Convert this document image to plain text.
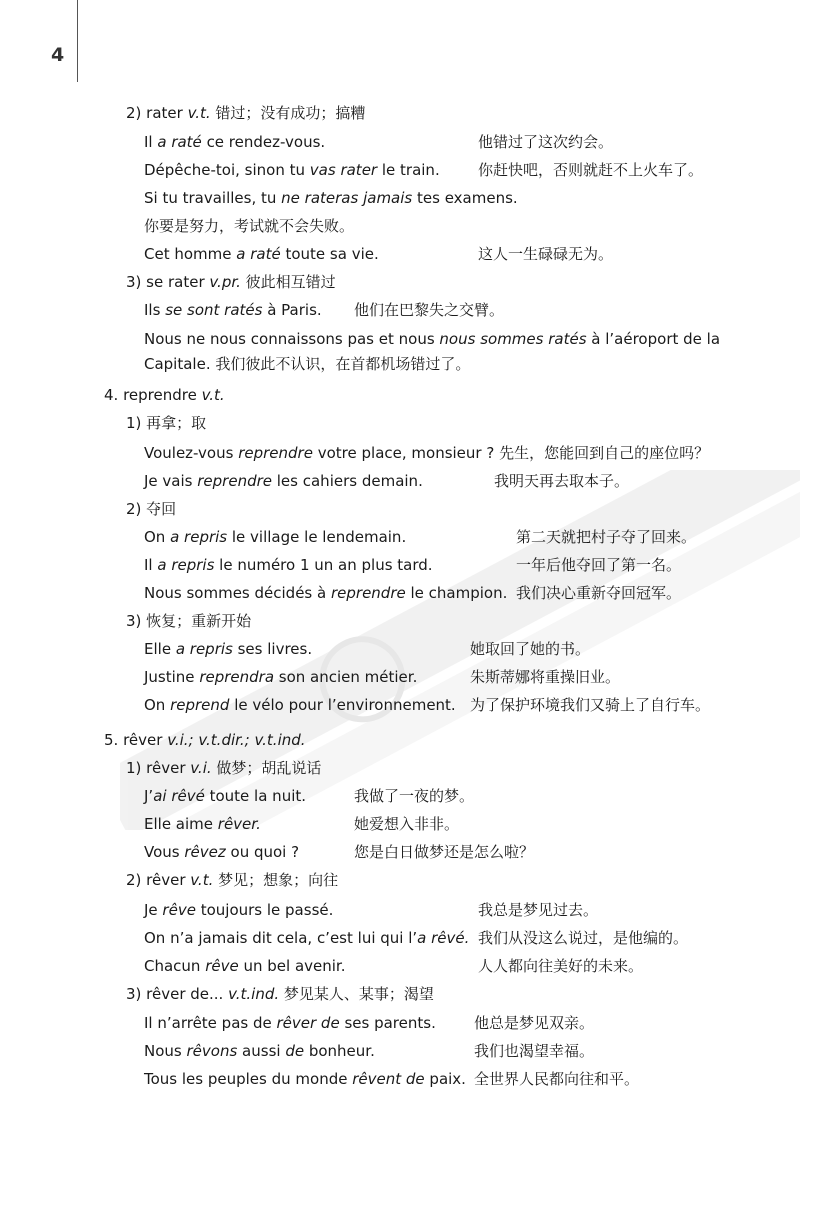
4
2) rater v.t. 错过；没有成功；搞糟
Il a raté ce rendez-vous.	他错过了这次约会。
Dépêche-toi, sinon tu vas rater le train.	你赶快吧，否则就赶不上火车了。
Si tu travailles, tu ne rateras jamais tes examens.
你要是努力，考试就不会失败。
Cet homme a raté toute sa vie.	这人一生碌碌无为。
3) se rater v.pr. 彼此相互错过
Ils se sont ratés à Paris. 他们在巴黎失之交臂。
Nous ne nous connaissons pas et nous nous sommes ratés à l’aéroport de la
Capitale. 我们彼此不认识，在首都机场错过了。
4. reprendre v.t.
1) 再拿；取
Voulez-vous reprendre votre place, monsieur ? 先生，您能回到自己的座位吗？
Je vais reprendre les cahiers demain.	我明天再去取本子。
2) 夺回
On a repris le village le lendemain.	第二天就把村子夺了回来。
Il a repris le numéro 1 un an plus tard.	一年后他夺回了第一名。
Nous sommes décidés à reprendre le champion. 我们决心重新夺回冠军。
3) 恢复；重新开始
Elle a repris ses livres.	她取回了她的书。
Justine reprendra son ancien métier.	朱斯蒂娜将重操旧业。
On reprend le vélo pour l’environnement. 为了保护环境我们又骑上了自行车。
5. rêver v.i.; v.t.dir.; v.t.ind.
1) rêver v.i. 做梦；胡乱说话
J’ai rêvé toute la nuit.	我做了一夜的梦。
Elle aime rêver.	她爱想入非非。
Vous rêvez ou quoi ?	您是白日做梦还是怎么啦？
2) rêver v.t. 梦见；想象；向往
Je rêve toujours le passé.	我总是梦见过去。
On n’a jamais dit cela, c’est lui qui l’a rêvé. 我们从没这么说过，是他编的。
Chacun rêve un bel avenir.	人人都向往美好的未来。
3) rêver de... v.t.ind. 梦见某人、某事；渴望
Il n’arrête pas de rêver de ses parents.	他总是梦见双亲。
Nous rêvons aussi de bonheur.	我们也渴望幸福。
Tous les peuples du monde rêvent de paix. 全世界人民都向往和平。
